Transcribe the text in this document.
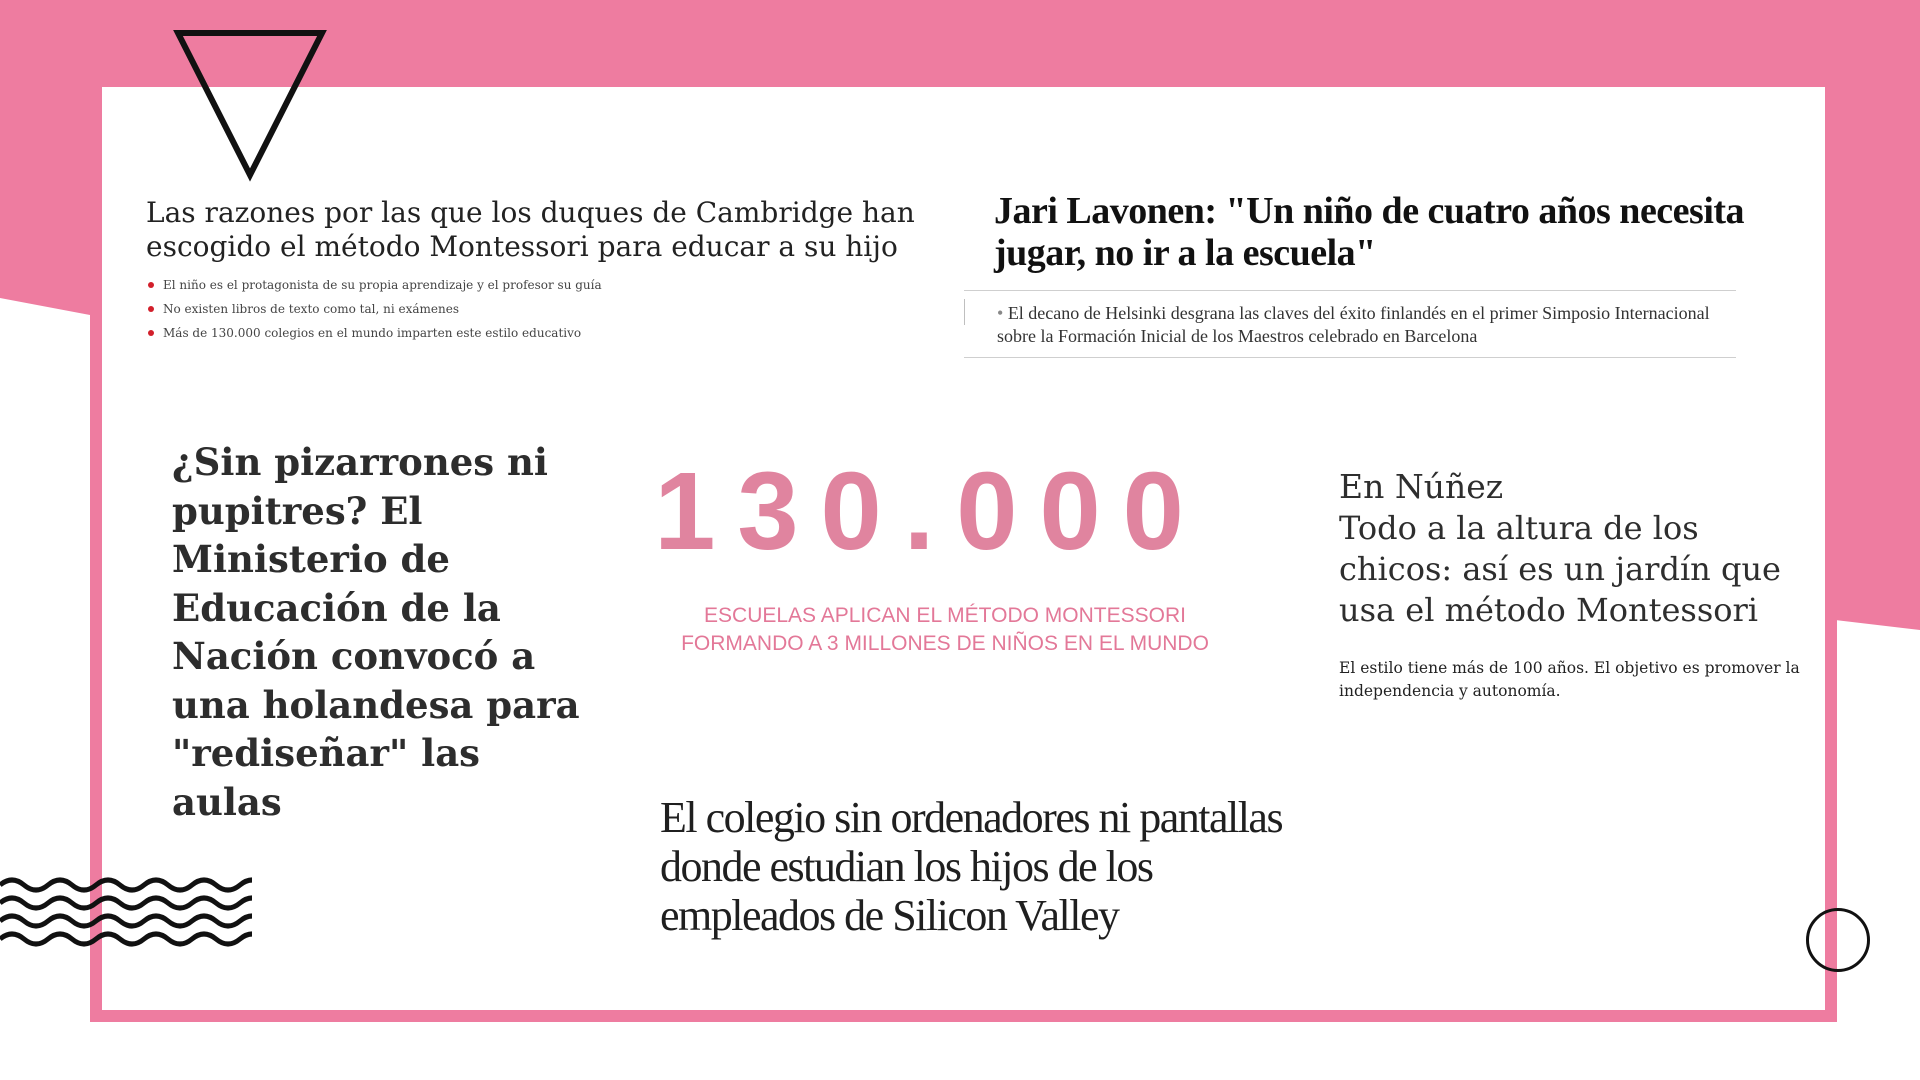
Las razones por las que los duques de Cambridge han escogido el método Montessori para educar a su hijo
El niño es el protagonista de su propia aprendizaje y el profesor su guía
No existen libros de texto como tal, ni exámenes
Más de 130.000 colegios en el mundo imparten este estilo educativo
Jari Lavonen: "Un niño de cuatro años necesita jugar, no ir a la escuela"
• El decano de Helsinki desgrana las claves del éxito finlandés en el primer Simposio Internacional sobre la Formación Inicial de los Maestros celebrado en Barcelona
¿Sin pizarrones ni pupitres? El Ministerio de Educación de la Nación convocó a una holandesa para "rediseñar" las aulas
130.000
ESCUELAS APLICAN EL MÉTODO MONTESSORI
FORMANDO A 3 MILLONES DE NIÑOS EN EL MUNDO
En Núñez
Todo a la altura de los chicos: así es un jardín que usa el método Montessori
El estilo tiene más de 100 años. El objetivo es promover la independencia y autonomía.
El colegio sin ordenadores ni pantallas donde estudian los hijos de los empleados de Silicon Valley
